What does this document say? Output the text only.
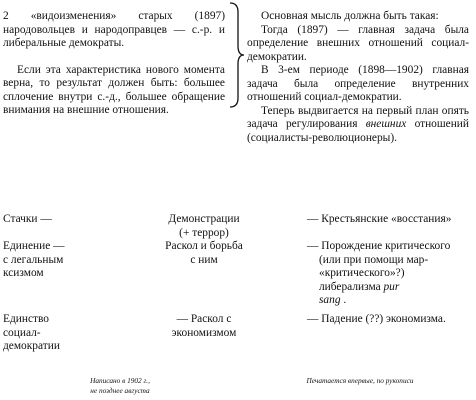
2 «видоизменения» старых (1897) народовольцев и народоправцев — с.-р. и либеральные демократы.

Если эта характеристика нового момента верна, то результат должен быть: большее сплочение внутри с.-д., большее обращение внимания на внешние отношения.

Основная мысль должна быть такая:

Тогда (1897) — главная задача была определение внешних отношений социал-демократии.

В 3-ем периоде (1898—1902) главная задача была определение внутренних отношений социал-демократии.

Теперь выдвигается на первый план опять задача регулирования внешних отношений (социалисты-революционеры).

Стачки —	Демонстрации
(+ террор)
— Крестьянские «восстания»
Единение —
с легальным
ксизмом
Раскол и борьба
с ним
— Порождение критического
(или при помощи мар-
«критического»?)
либерализма pur
sang .
Единство
социал-
демократии
— Раскол с
экономизмом
— Падение (??) экономизма.
Написано в 1902 г.,
не позднее августа
Печатается впервые, по рукописи
